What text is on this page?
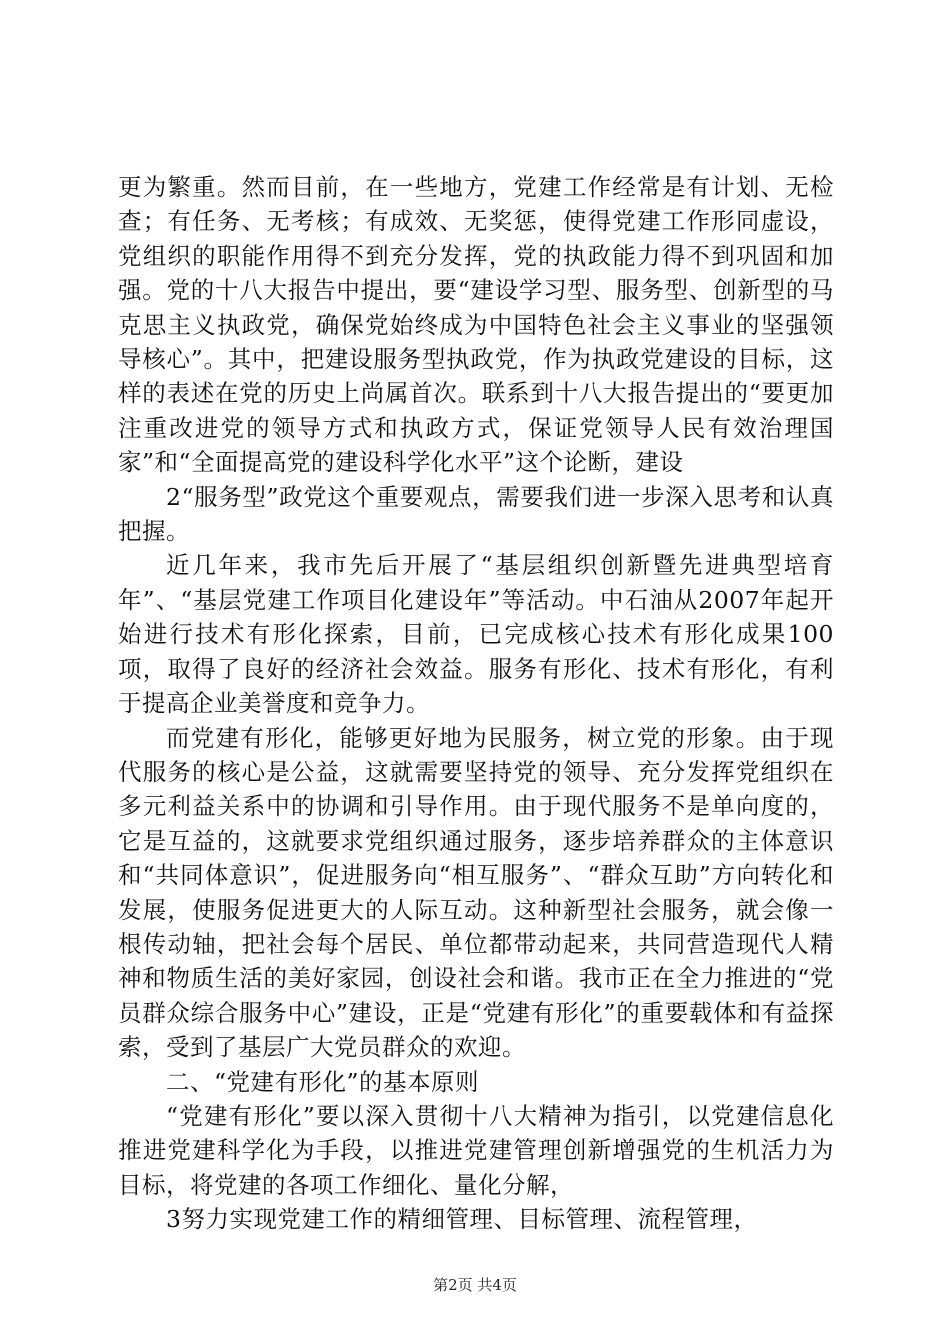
更为繁重。然而目前，在一些地方，党建工作经常是有计划、无检查；有任务、无考核；有成效、无奖惩，使得党建工作形同虚设，党组织的职能作用得不到充分发挥，党的执政能力得不到巩固和加强。党的十八大报告中提出，要“建设学习型、服务型、创新型的马克思主义执政党，确保党始终成为中国特色社会主义事业的坚强领导核心”。其中，把建设服务型执政党，作为执政党建设的目标，这样的表述在党的历史上尚属首次。联系到十八大报告提出的“要更加注重改进党的领导方式和执政方式，保证党领导人民有效治理国家”和“全面提高党的建设科学化水平”这个论断，建设

2“服务型”政党这个重要观点，需要我们进一步深入思考和认真把握。

近几年来，我市先后开展了“基层组织创新暨先进典型培育年”、“基层党建工作项目化建设年”等活动。中石油从2007年起开始进行技术有形化探索，目前，已完成核心技术有形化成果100项，取得了良好的经济社会效益。服务有形化、技术有形化，有利于提高企业美誉度和竞争力。

而党建有形化，能够更好地为民服务，树立党的形象。由于现代服务的核心是公益，这就需要坚持党的领导、充分发挥党组织在多元利益关系中的协调和引导作用。由于现代服务不是单向度的，它是互益的，这就要求党组织通过服务，逐步培养群众的主体意识和“共同体意识”，促进服务向“相互服务”、“群众互助”方向转化和发展，使服务促进更大的人际互动。这种新型社会服务，就会像一根传动轴，把社会每个居民、单位都带动起来，共同营造现代人精神和物质生活的美好家园，创设社会和谐。我市正在全力推进的“党员群众综合服务中心”建设，正是“党建有形化”的重要载体和有益探索，受到了基层广大党员群众的欢迎。

二、“党建有形化”的基本原则

“党建有形化”要以深入贯彻十八大精神为指引，以党建信息化推进党建科学化为手段，以推进党建管理创新增强党的生机活力为目标，将党建的各项工作细化、量化分解，

3努力实现党建工作的精细管理、目标管理、流程管理，

第2页 共4页
